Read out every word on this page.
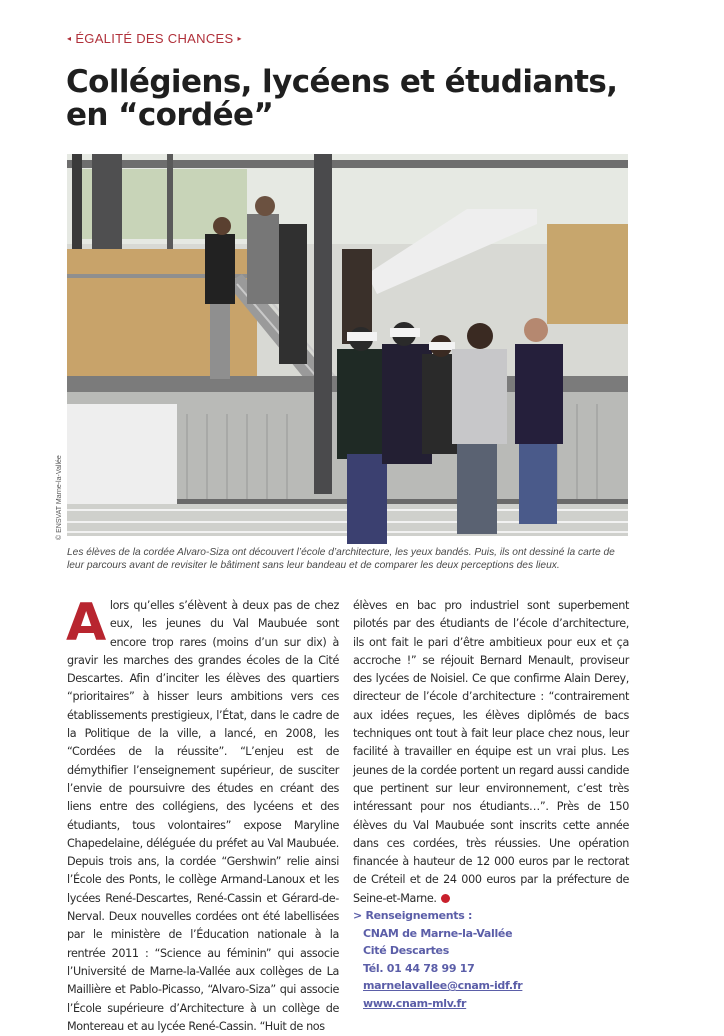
◂ ÉGALITÉ DES CHANCES ▸
Collégiens, lycéens et étudiants,
en “cordée”
© ENSVAT Marne-la-Vallée

Les élèves de la cordée Alvaro-Siza ont découvert l’école d’architecture, les yeux bandés. Puis, ils ont dessiné la carte de leur parcours avant de revisiter le bâtiment sans leur bandeau et de comparer les deux perceptions des lieux.

A lors qu’elles s’élèvent à deux pas de chez eux, les jeunes du Val Maubuée sont encore trop rares (moins d’un sur dix) à gravir les marches des grandes écoles de la Cité Descartes. Afin d’inciter les élèves des quartiers “prioritaires” à hisser leurs ambitions vers ces établissements prestigieux, l’État, dans le cadre de la Politique de la ville, a lancé, en 2008, les “Cordées de la réussite”. “L’enjeu est de démythifier l’enseignement supérieur, de susciter l’envie de poursuivre des études en créant des liens entre des collégiens, des lycéens et des étudiants, tous volontaires” expose Maryline Chapedelaine, déléguée du préfet au Val Maubuée. Depuis trois ans, la cordée “Gershwin” relie ainsi l’École des Ponts, le collège Armand-Lanoux et les lycées René-Descartes, René-Cassin et Gérard-de-Nerval. Deux nouvelles cordées ont été labellisées par le ministère de l’Éducation nationale à la rentrée 2011 : “Science au féminin” qui associe l’Université de Marne-la-Vallée aux collèges de La Maillière et Pablo-Picasso, “Alvaro-Siza” qui associe l’École supérieure d’Architecture à un collège de Montereau et au lycée René-Cassin. “Huit de nos
élèves en bac pro industriel sont superbement pilotés par des étudiants de l’école d’architecture, ils ont fait le pari d’être ambitieux pour eux et ça accroche !” se réjouit Bernard Menault, proviseur des lycées de Noisiel. Ce que confirme Alain Derey, directeur de l’école d’architecture : “contrairement aux idées reçues, les élèves diplômés de bacs techniques ont tout à fait leur place chez nous, leur facilité à travailler en équipe est un vrai plus. Les jeunes de la cordée portent un regard aussi candide que pertinent sur leur environnement, c’est très intéressant pour nos étudiants…”. Près de 150 élèves du Val Maubuée sont inscrits cette année dans ces cordées, très réussies. Une opération financée à hauteur de 12 000 euros par le rectorat de Créteil et de 24 000 euros par la préfecture de Seine-et-Marne.
> Renseignements :
CNAM de Marne-la-Vallée
Cité Descartes
Tél. 01 44 78 99 17
marnelavallee@cnam-idf.fr
www.cnam-mlv.fr
